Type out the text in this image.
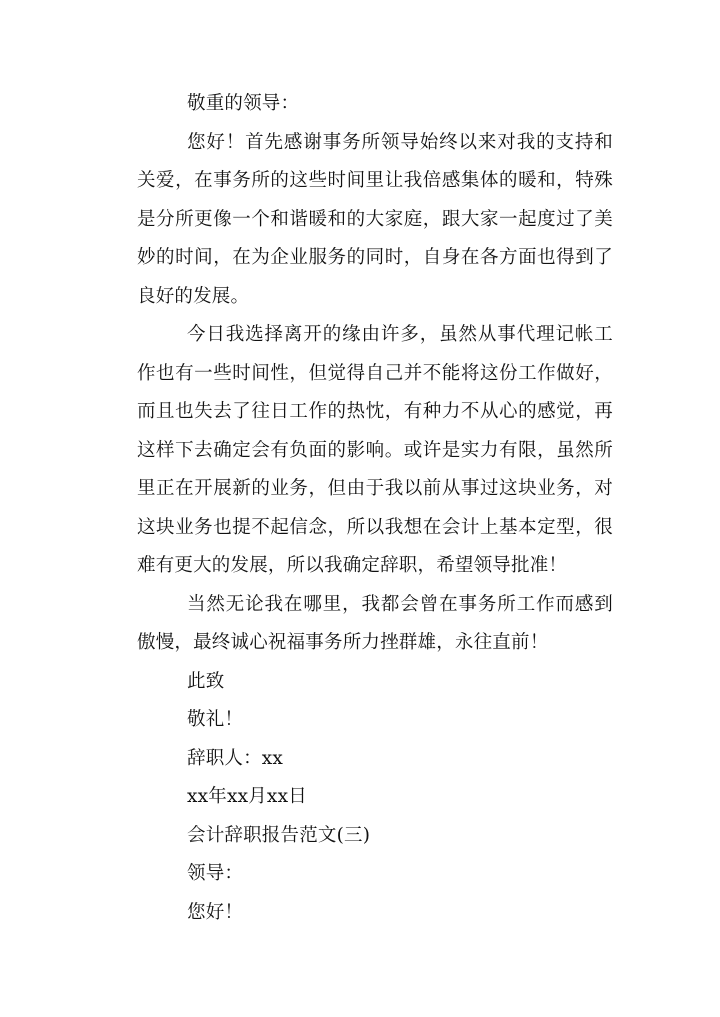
敬重的领导：

您好！首先感谢事务所领导始终以来对我的支持和关爱，在事务所的这些时间里让我倍感集体的暖和，特殊是分所更像一个和谐暖和的大家庭，跟大家一起度过了美妙的时间，在为企业服务的同时，自身在各方面也得到了良好的发展。

今日我选择离开的缘由许多，虽然从事代理记帐工作也有一些时间性，但觉得自己并不能将这份工作做好，而且也失去了往日工作的热忱，有种力不从心的感觉，再这样下去确定会有负面的影响。或许是实力有限，虽然所里正在开展新的业务，但由于我以前从事过这块业务，对这块业务也提不起信念，所以我想在会计上基本定型，很难有更大的发展，所以我确定辞职，希望领导批准！

当然无论我在哪里，我都会曾在事务所工作而感到傲慢，最终诚心祝福事务所力挫群雄，永往直前！

此致

敬礼！

辞职人：xx

xx年xx月xx日

会计辞职报告范文(三)

领导：

您好！
